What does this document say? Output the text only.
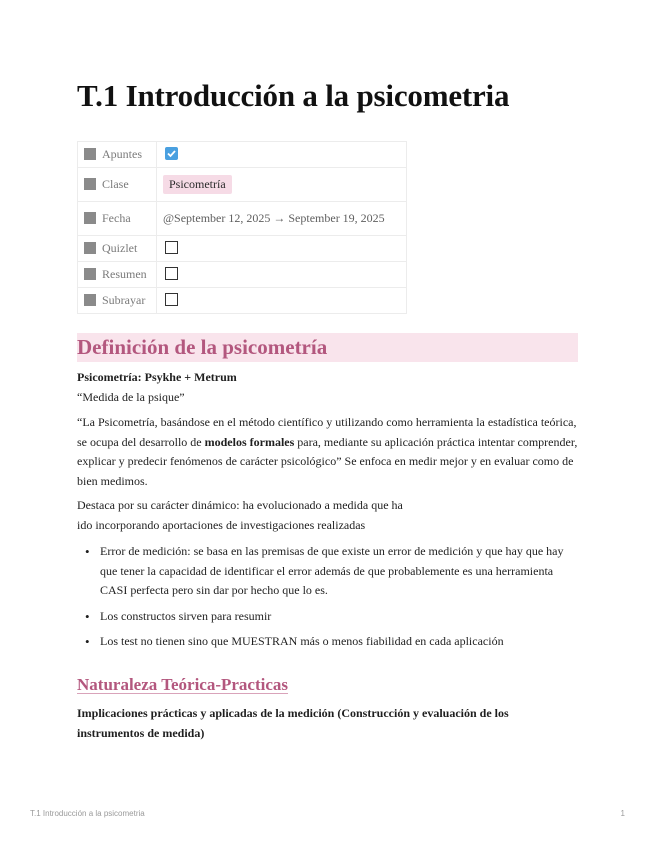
T.1 Introducción a la psicometria
Apuntes	

Clase	Psicometría
Fecha	@September 12, 2025 → September 19, 2025
Quizlet	
Resumen	
Subrayar	
Definición de la psicometría
Psicometría: Psykhe + Metrum
“Medida de la psique”
“La Psicometría, basándose en el método científico y utilizando como herramienta la estadística teórica, se ocupa del desarrollo de modelos formales para, mediante su aplicación práctica intentar comprender, explicar y predecir fenómenos de carácter psicológico” Se enfoca en medir mejor y en evaluar como de bien medimos.
Destaca por su carácter dinámico: ha evolucionado a medida que ha
ido incorporando aportaciones de investigaciones realizadas
• Error de medición: se basa en las premisas de que existe un error de medición y que hay que hay que tener la capacidad de identificar el error además de que probablemente es una herramienta CASI perfecta pero sin dar por hecho que lo es.
• Los constructos sirven para resumir
• Los test no tienen sino que MUESTRAN más o menos fiabilidad en cada aplicación
Naturaleza Teórica-Practicas
Implicaciones prácticas y aplicadas de la medición (Construcción y evaluación de los instrumentos de medida)
T.1 Introducción a la psicometria	1
